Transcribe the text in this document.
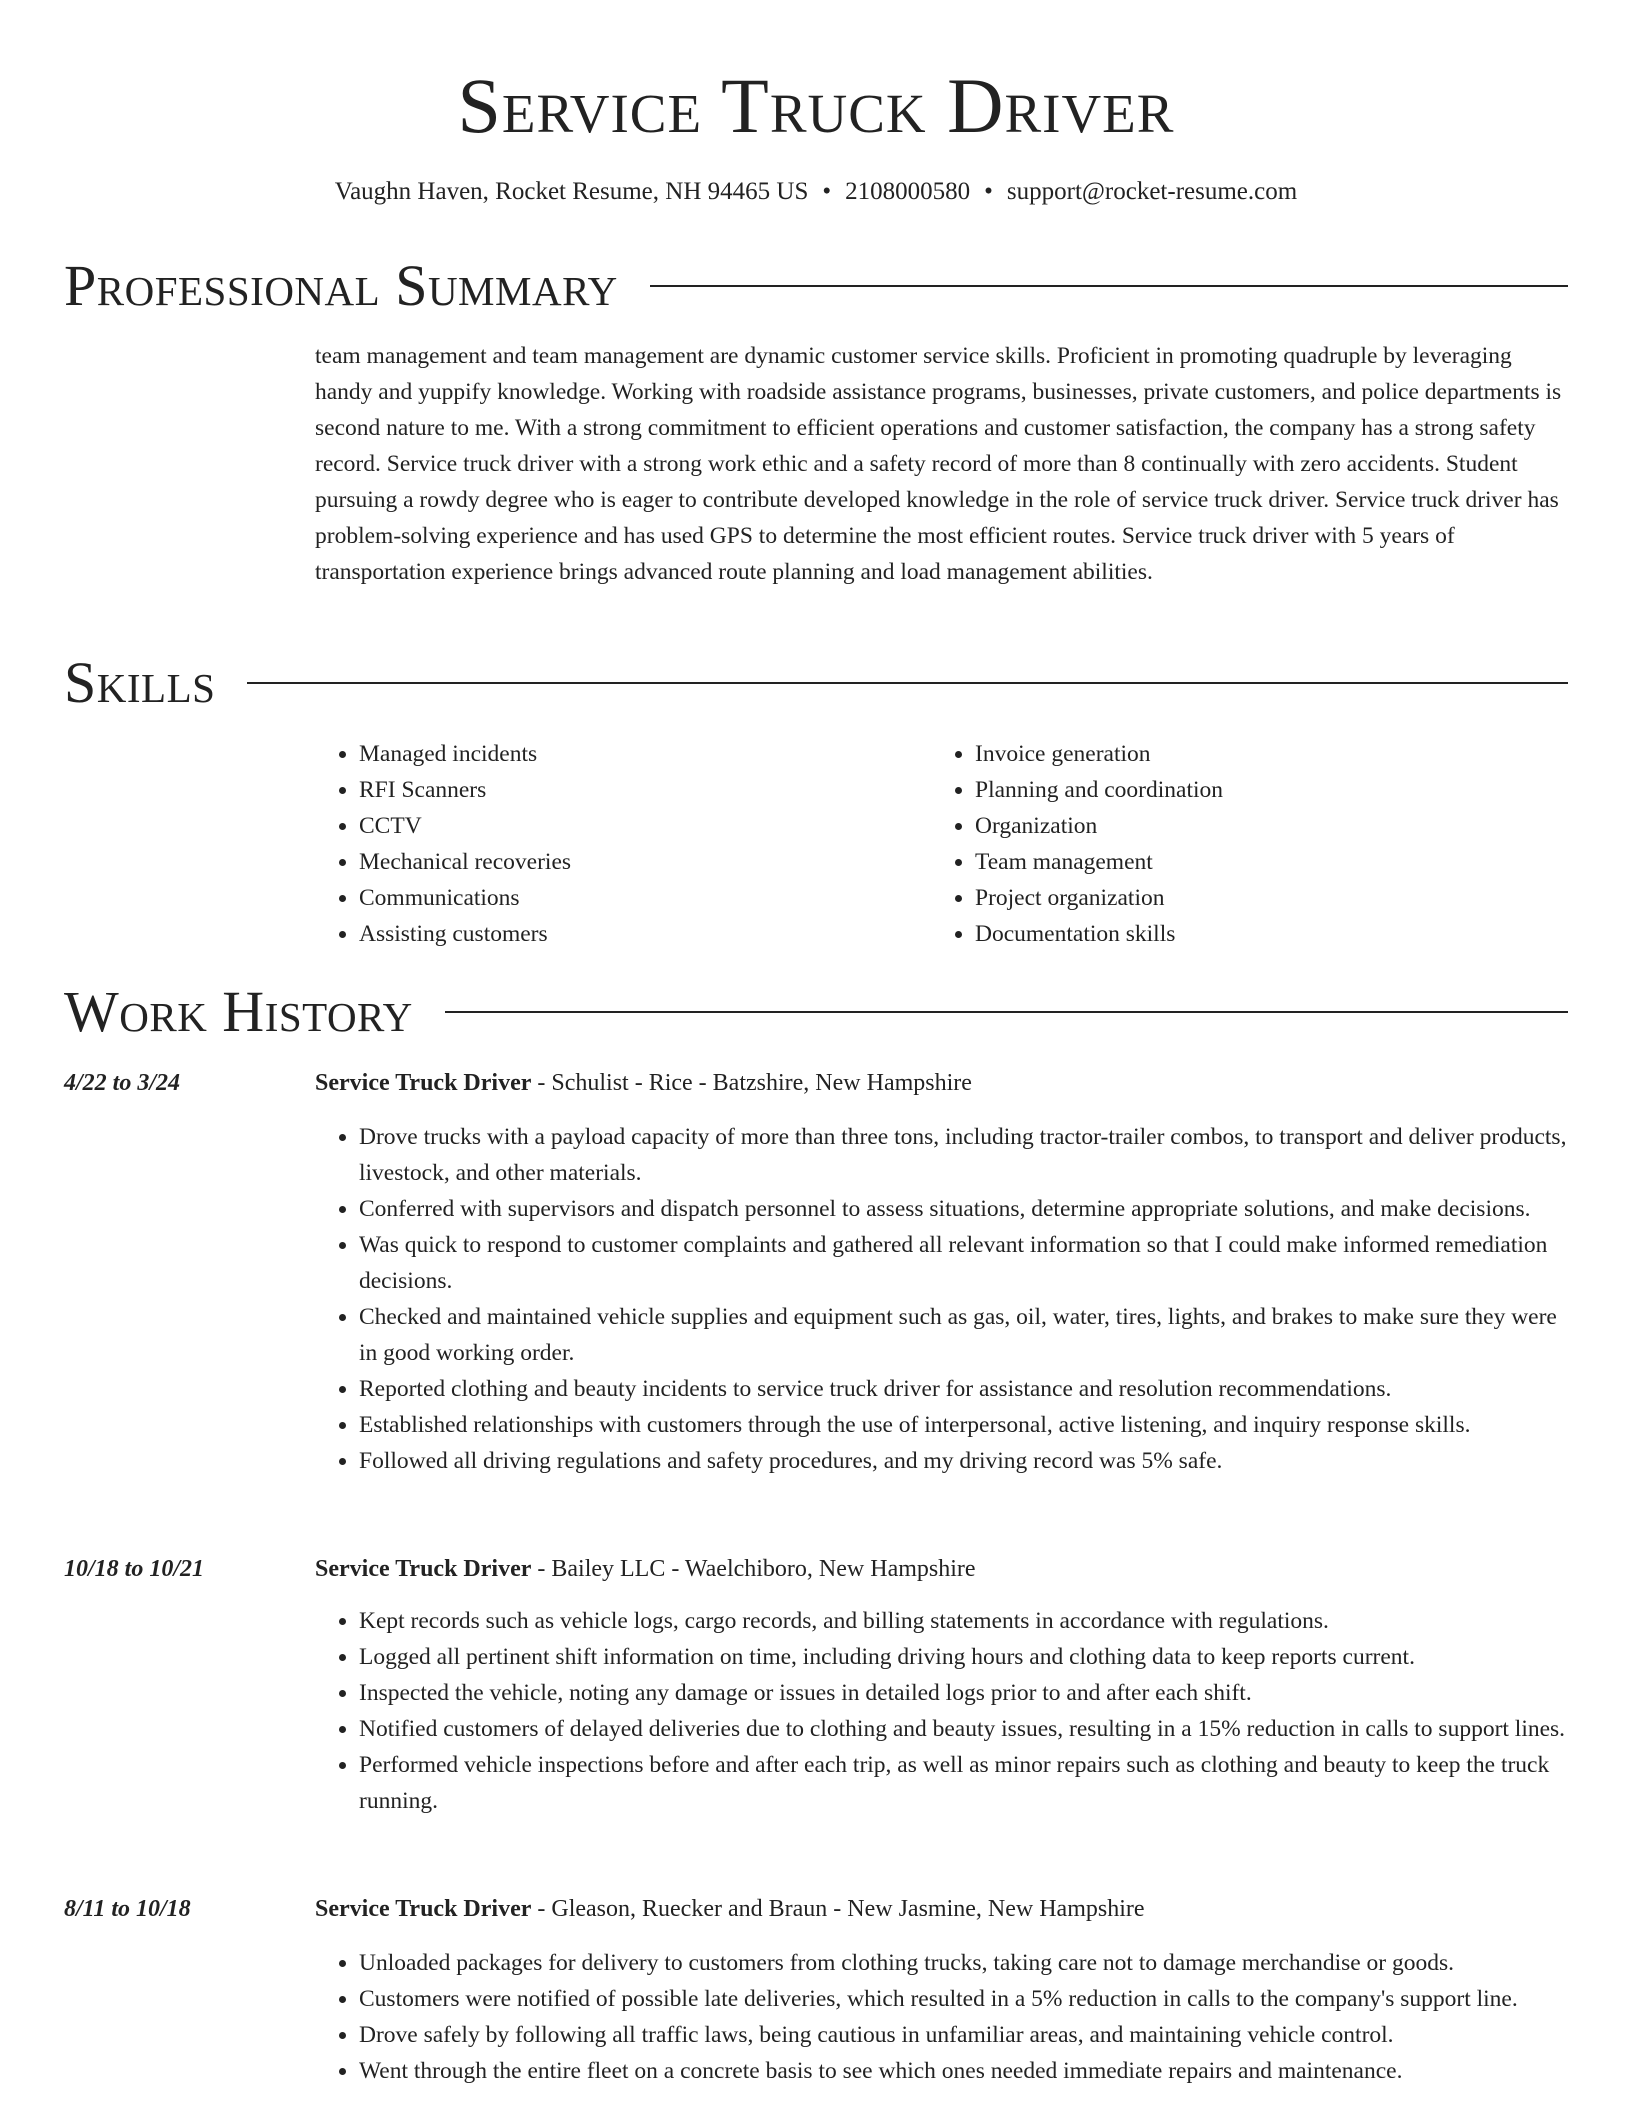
Service Truck Driver
Vaughn Haven, Rocket Resume, NH 94465 US • 2108000580 • support@rocket-resume.com
Professional Summary

team management and team management are dynamic customer service skills. Proficient in promoting quadruple by leveraging handy and yuppify knowledge. Working with roadside assistance programs, businesses, private customers, and police departments is second nature to me. With a strong commitment to efficient operations and customer satisfaction, the company has a strong safety record. Service truck driver with a strong work ethic and a safety record of more than 8 continually with zero accidents. Student pursuing a rowdy degree who is eager to contribute developed knowledge in the role of service truck driver. Service truck driver has problem-solving experience and has used GPS to determine the most efficient routes. Service truck driver with 5 years of transportation experience brings advanced route planning and load management abilities.

Skills
• Managed incidents
• RFI Scanners
• CCTV
• Mechanical recoveries
• Communications
• Assisting customers
• Invoice generation
• Planning and coordination
• Organization
• Team management
• Project organization
• Documentation skills
Work History
4/22 to 3/24	Service Truck Driver - Schulist - Rice - Batzshire, New Hampshire
• Drove trucks with a payload capacity of more than three tons, including tractor-trailer combos, to transport and deliver products, livestock, and other materials.
• Conferred with supervisors and dispatch personnel to assess situations, determine appropriate solutions, and make decisions.
• Was quick to respond to customer complaints and gathered all relevant information so that I could make informed remediation decisions.
• Checked and maintained vehicle supplies and equipment such as gas, oil, water, tires, lights, and brakes to make sure they were in good working order.
• Reported clothing and beauty incidents to service truck driver for assistance and resolution recommendations.
• Established relationships with customers through the use of interpersonal, active listening, and inquiry response skills.
• Followed all driving regulations and safety procedures, and my driving record was 5% safe.
10/18 to 10/21	Service Truck Driver - Bailey LLC - Waelchiboro, New Hampshire
• Kept records such as vehicle logs, cargo records, and billing statements in accordance with regulations.
• Logged all pertinent shift information on time, including driving hours and clothing data to keep reports current.
• Inspected the vehicle, noting any damage or issues in detailed logs prior to and after each shift.
• Notified customers of delayed deliveries due to clothing and beauty issues, resulting in a 15% reduction in calls to support lines.
• Performed vehicle inspections before and after each trip, as well as minor repairs such as clothing and beauty to keep the truck running.
8/11 to 10/18	Service Truck Driver - Gleason, Ruecker and Braun - New Jasmine, New Hampshire
• Unloaded packages for delivery to customers from clothing trucks, taking care not to damage merchandise or goods.
• Customers were notified of possible late deliveries, which resulted in a 5% reduction in calls to the company's support line.
• Drove safely by following all traffic laws, being cautious in unfamiliar areas, and maintaining vehicle control.
• Went through the entire fleet on a concrete basis to see which ones needed immediate repairs and maintenance.
